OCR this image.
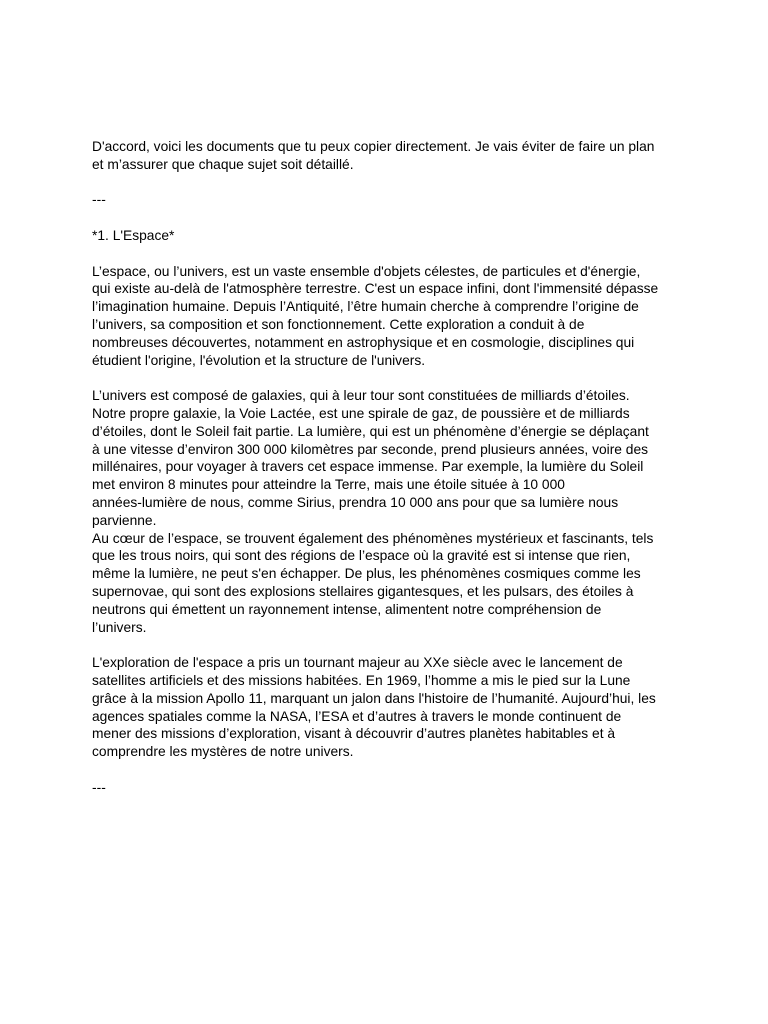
D'accord, voici les documents que tu peux copier directement. Je vais éviter de faire un plan
et m’assurer que chaque sujet soit détaillé.
---
*1. L'Espace*
L’espace, ou l’univers, est un vaste ensemble d'objets célestes, de particules et d'énergie,
qui existe au-delà de l'atmosphère terrestre. C'est un espace infini, dont l'immensité dépasse
l’imagination humaine. Depuis l’Antiquité, l’être humain cherche à comprendre l’origine de
l’univers, sa composition et son fonctionnement. Cette exploration a conduit à de
nombreuses découvertes, notamment en astrophysique et en cosmologie, disciplines qui
étudient l'origine, l'évolution et la structure de l'univers.
L’univers est composé de galaxies, qui à leur tour sont constituées de milliards d’étoiles.
Notre propre galaxie, la Voie Lactée, est une spirale de gaz, de poussière et de milliards
d’étoiles, dont le Soleil fait partie. La lumière, qui est un phénomène d’énergie se déplaçant
à une vitesse d’environ 300 000 kilomètres par seconde, prend plusieurs années, voire des
millénaires, pour voyager à travers cet espace immense. Par exemple, la lumière du Soleil
met environ 8 minutes pour atteindre la Terre, mais une étoile située à 10 000
années-lumière de nous, comme Sirius, prendra 10 000 ans pour que sa lumière nous
parvienne.
Au cœur de l’espace, se trouvent également des phénomènes mystérieux et fascinants, tels
que les trous noirs, qui sont des régions de l’espace où la gravité est si intense que rien,
même la lumière, ne peut s'en échapper. De plus, les phénomènes cosmiques comme les
supernovae, qui sont des explosions stellaires gigantesques, et les pulsars, des étoiles à
neutrons qui émettent un rayonnement intense, alimentent notre compréhension de
l’univers.
L'exploration de l'espace a pris un tournant majeur au XXe siècle avec le lancement de
satellites artificiels et des missions habitées. En 1969, l’homme a mis le pied sur la Lune
grâce à la mission Apollo 11, marquant un jalon dans l'histoire de l’humanité. Aujourd’hui, les
agences spatiales comme la NASA, l’ESA et d’autres à travers le monde continuent de
mener des missions d’exploration, visant à découvrir d’autres planètes habitables et à
comprendre les mystères de notre univers.
---
